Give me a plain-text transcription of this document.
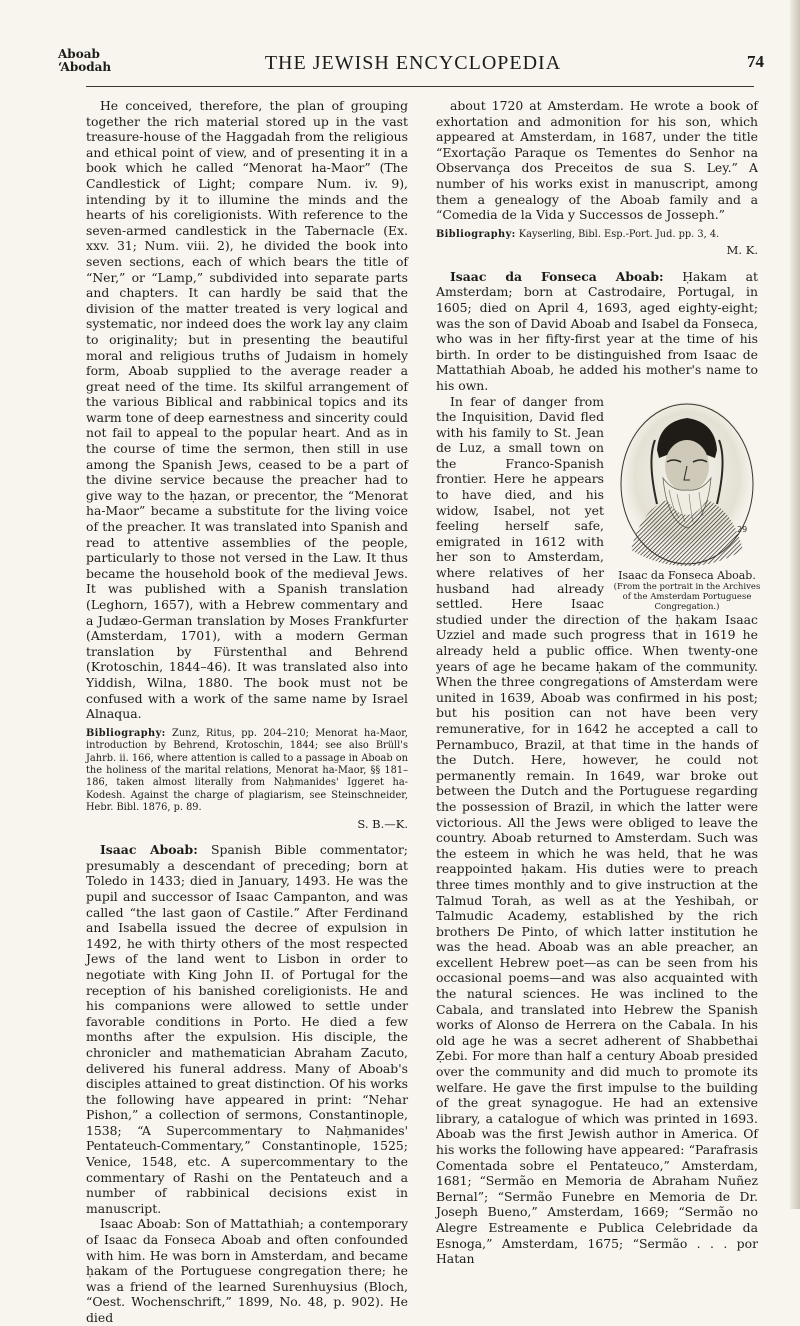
Aboab
‘Abodah	THE JEWISH ENCYCLOPEDIA	74

He conceived, therefore, the plan of grouping together the rich material stored up in the vast treasure-house of the Haggadah from the religious and ethical point of view, and of presenting it in a book which he called “Menorat ha-Maor” (The Candlestick of Light; compare Num. iv. 9), intending by it to illumine the minds and the hearts of his coreligionists. With reference to the seven-armed candlestick in the Tabernacle (Ex. xxv. 31; Num. viii. 2), he divided the book into seven sections, each of which bears the title of “Ner,” or “Lamp,” subdivided into separate parts and chapters. It can hardly be said that the division of the matter treated is very logical and systematic, nor indeed does the work lay any claim to originality; but in presenting the beautiful moral and religious truths of Judaism in homely form, Aboab supplied to the average reader a great need of the time. Its skilful arrangement of the various Biblical and rabbinical topics and its warm tone of deep earnestness and sincerity could not fail to appeal to the popular heart. And as in the course of time the sermon, then still in use among the Spanish Jews, ceased to be a part of the divine service because the preacher had to give way to the ḥazan, or precentor, the “Menorat ha-Maor” became a substitute for the living voice of the preacher. It was translated into Spanish and read to attentive assemblies of the people, particularly to those not versed in the Law. It thus became the household book of the medieval Jews. It was published with a Spanish translation (Leghorn, 1657), with a Hebrew commentary and a Judæo-German translation by Moses Frankfurter (Amsterdam, 1701), with a modern German translation by Fürstenthal and Behrend (Krotoschin, 1844–46). It was translated also into Yiddish, Wilna, 1880. The book must not be confused with a work of the same name by Israel Alnaqua.

Bibliography: Zunz, Ritus, pp. 204–210; Menorat ha-Maor, introduction by Behrend, Krotoschin, 1844; see also Brüll's Jahrb. ii. 166, where attention is called to a passage in Aboab on the holiness of the marital relations, Menorat ha-Maor, §§ 181–186, taken almost literally from Naḥmanides' Iggeret ha-Kodesh. Against the charge of plagiarism, see Steinschneider, Hebr. Bibl. 1876, p. 89.

S. B.—K.

Isaac Aboab: Spanish Bible commentator; presumably a descendant of preceding; born at Toledo in 1433; died in January, 1493. He was the pupil and successor of Isaac Campanton, and was called “the last gaon of Castile.” After Ferdinand and Isabella issued the decree of expulsion in 1492, he with thirty others of the most respected Jews of the land went to Lisbon in order to negotiate with King John II. of Portugal for the reception of his banished coreligionists. He and his companions were allowed to settle under favorable conditions in Porto. He died a few months after the expulsion. His disciple, the chronicler and mathematician Abraham Zacuto, delivered his funeral address. Many of Aboab's disciples attained to great distinction. Of his works the following have appeared in print: “Nehar Pishon,” a collection of sermons, Constantinople, 1538; “A Supercommentary to Naḥmanides' Pentateuch-Commentary,” Constantinople, 1525; Venice, 1548, etc. A supercommentary to the commentary of Rashi on the Pentateuch and a number of rabbinical decisions exist in manuscript.

Isaac Aboab: Son of Mattathiah; a contemporary of Isaac da Fonseca Aboab and often confounded with him. He was born in Amsterdam, and became ḥakam of the Portuguese congregation there; he was a friend of the learned Surenhuysius (Bloch, “Oest. Wochenschrift,” 1899, No. 48, p. 902). He died

about 1720 at Amsterdam. He wrote a book of exhortation and admonition for his son, which appeared at Amsterdam, in 1687, under the title “Exortação Paraque os Tementes do Senhor na Observança dos Preceitos de sua S. Ley.” A number of his works exist in manuscript, among them a genealogy of the Aboab family and a “Comedia de la Vida y Successos de Josseph.”

Bibliography: Kayserling, Bibl. Esp.-Port. Jud. pp. 3, 4.

M. K.

Isaac da Fonseca Aboab: Ḥakam at Amsterdam; born at Castrodaire, Portugal, in 1605; died on April 4, 1693, aged eighty-eight; was the son of David Aboab and Isabel da Fonseca, who was in her fifty-first year at the time of his birth. In order to be distinguished from Isaac de Mattathiah Aboab, he added his mother's name to his own.

29
Isaac da Fonseca Aboab.
(From the portrait in the Archives of the Amsterdam Portuguese Congregation.)

In fear of danger from the Inquisition, David fled with his family to St. Jean de Luz, a small town on the Franco-Spanish frontier. Here he appears to have died, and his widow, Isabel, not yet feeling herself safe, emigrated in 1612 with her son to Amsterdam, where relatives of her husband had already settled. Here Isaac studied under the direction of the ḥakam Isaac Uzziel and made such progress that in 1619 he already held a public office. When twenty-one years of age he became ḥakam of the community. When the three congregations of Amsterdam were united in 1639, Aboab was confirmed in his post; but his position can not have been very remunerative, for in 1642 he accepted a call to Pernambuco, Brazil, at that time in the hands of the Dutch. Here, however, he could not permanently remain. In 1649, war broke out between the Dutch and the Portuguese regarding the possession of Brazil, in which the latter were victorious. All the Jews were obliged to leave the country. Aboab returned to Amsterdam. Such was the esteem in which he was held, that he was reappointed ḥakam. His duties were to preach three times monthly and to give instruction at the Talmud Torah, as well as at the Yeshibah, or Talmudic Academy, established by the rich brothers De Pinto, of which latter institution he was the head. Aboab was an able preacher, an excellent Hebrew poet—as can be seen from his occasional poems—and was also acquainted with the natural sciences. He was inclined to the Cabala, and translated into Hebrew the Spanish works of Alonso de Herrera on the Cabala. In his old age he was a secret adherent of Shabbethai Ẓebi. For more than half a century Aboab presided over the community and did much to promote its welfare. He gave the first impulse to the building of the great synagogue. He had an extensive library, a catalogue of which was printed in 1693. Aboab was the first Jewish author in America. Of his works the following have appeared: “Parafrasis Comentada sobre el Pentateuco,” Amsterdam, 1681; “Sermão en Memoria de Abraham Nuñez Bernal”; “Sermão Funebre en Memoria de Dr. Joseph Bueno,” Amsterdam, 1669; “Sermão no Alegre Estreamente e Publica Celebridade da Esnoga,” Amsterdam, 1675; “Sermão . . . por Hatan
